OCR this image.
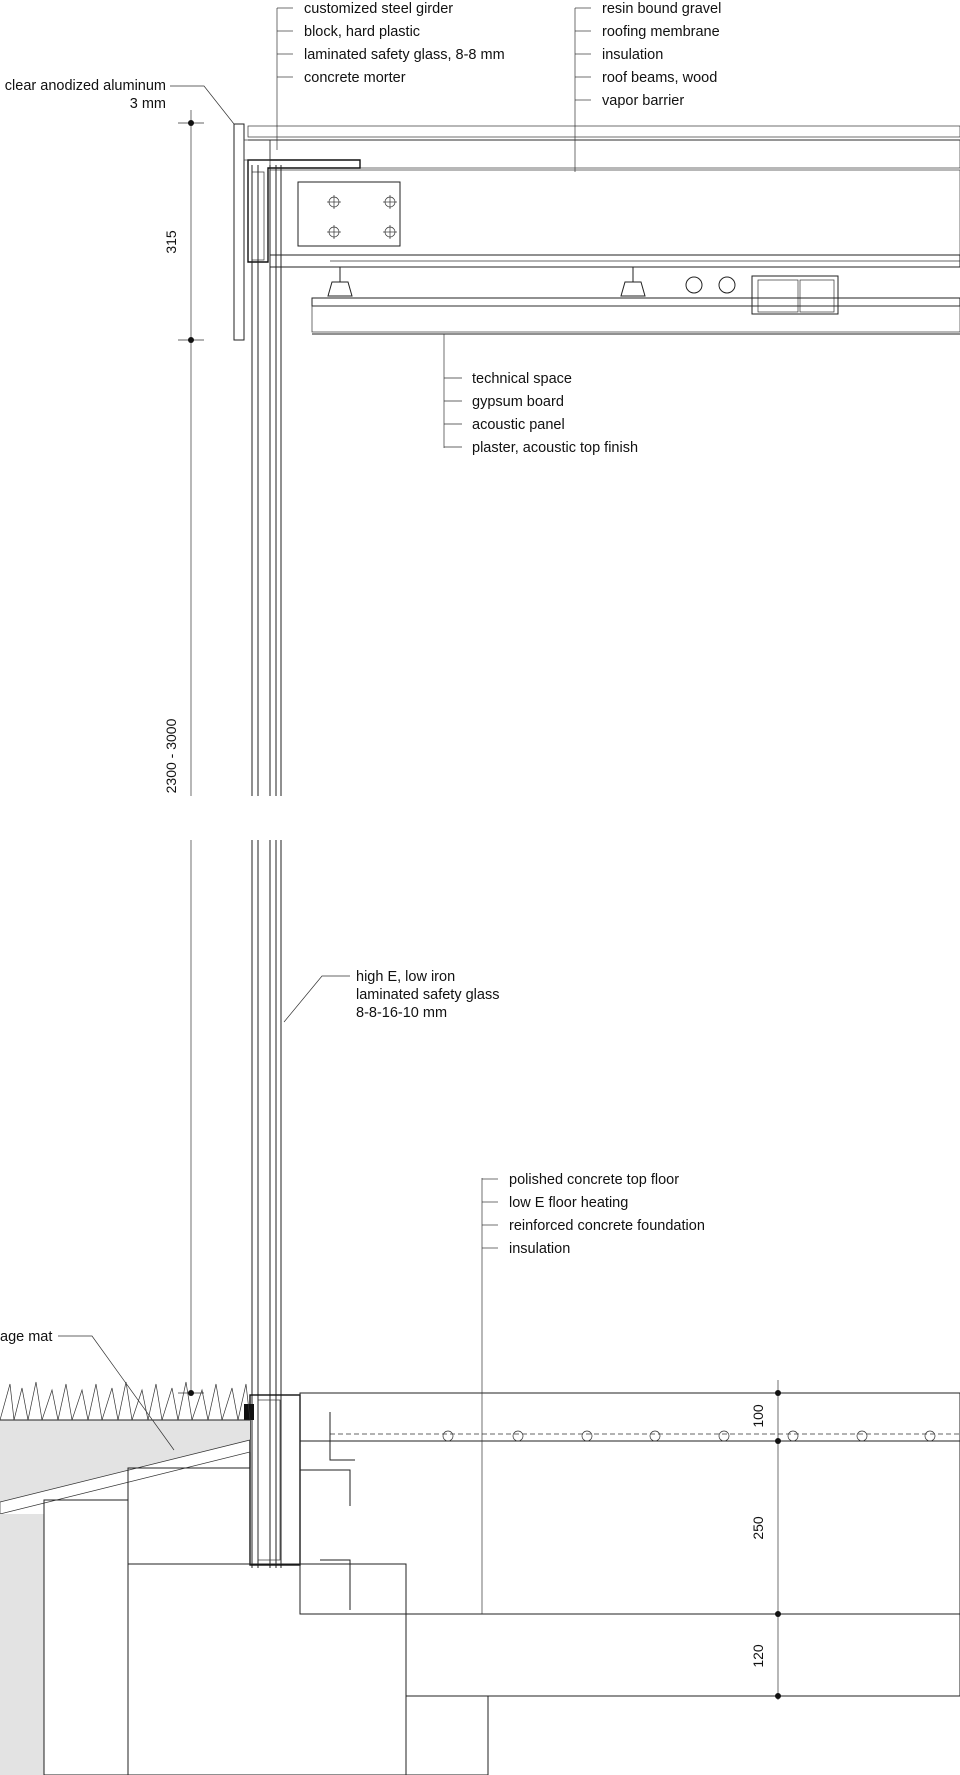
315
2300 - 3000
100
250
120
customized steel girder
block, hard plastic
laminated safety glass, 8-8 mm
concrete morter
resin bound gravel
roofing membrane
insulation
roof beams, wood
vapor barrier
clear anodized aluminum
3 mm
technical space
gypsum board
acoustic panel
plaster, acoustic top finish
high E, low iron
laminated safety glass
8-8-16-10 mm
polished concrete top floor
low E floor heating
reinforced concrete foundation
insulation
age mat
